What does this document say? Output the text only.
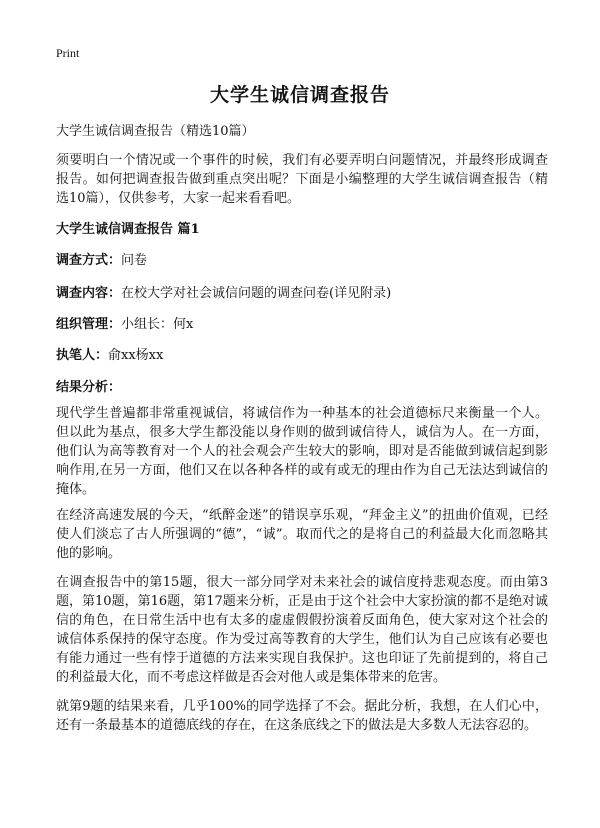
Print
大学生诚信调查报告
大学生诚信调查报告（精选10篇）
须要明白一个情况或一个事件的时候，我们有必要弄明白问题情况，并最终形成调查报告。如何把调查报告做到重点突出呢？下面是小编整理的大学生诚信调查报告（精选10篇），仅供参考，大家一起来看看吧。
大学生诚信调查报告 篇1
调查方式：问卷
调查内容：在校大学对社会诚信问题的调查问卷(详见附录)
组织管理：小组长：何x
执笔人：俞xx杨xx
结果分析：
现代学生普遍都非常重视诚信，将诚信作为一种基本的社会道德标尺来衡量一个人。但以此为基点，很多大学生都没能以身作则的做到诚信待人，诚信为人。在一方面，他们认为高等教育对一个人的社会观会产生较大的影响，即对是否能做到诚信起到影响作用,在另一方面，他们又在以各种各样的或有或无的理由作为自己无法达到诚信的掩体。
在经济高速发展的今天，“纸醉金迷”的错误享乐观，“拜金主义”的扭曲价值观，已经使人们淡忘了古人所强调的“德”，“诚”。取而代之的是将自己的利益最大化而忽略其他的影响。
在调查报告中的第15题，很大一部分同学对未来社会的诚信度持悲观态度。而由第3题，第10题，第16题，第17题来分析，正是由于这个社会中大家扮演的都不是绝对诚信的角色，在日常生活中也有太多的虚虚假假扮演着反面角色，使大家对这个社会的诚信体系保持的保守态度。作为受过高等教育的大学生，他们认为自己应该有必要也有能力通过一些有悖于道德的方法来实现自我保护。这也印证了先前提到的，将自己的利益最大化，而不考虑这样做是否会对他人或是集体带来的危害。
就第9题的结果来看，几乎100%的同学选择了不会。据此分析，我想，在人们心中，还有一条最基本的道德底线的存在，在这条底线之下的做法是大多数人无法容忍的。
